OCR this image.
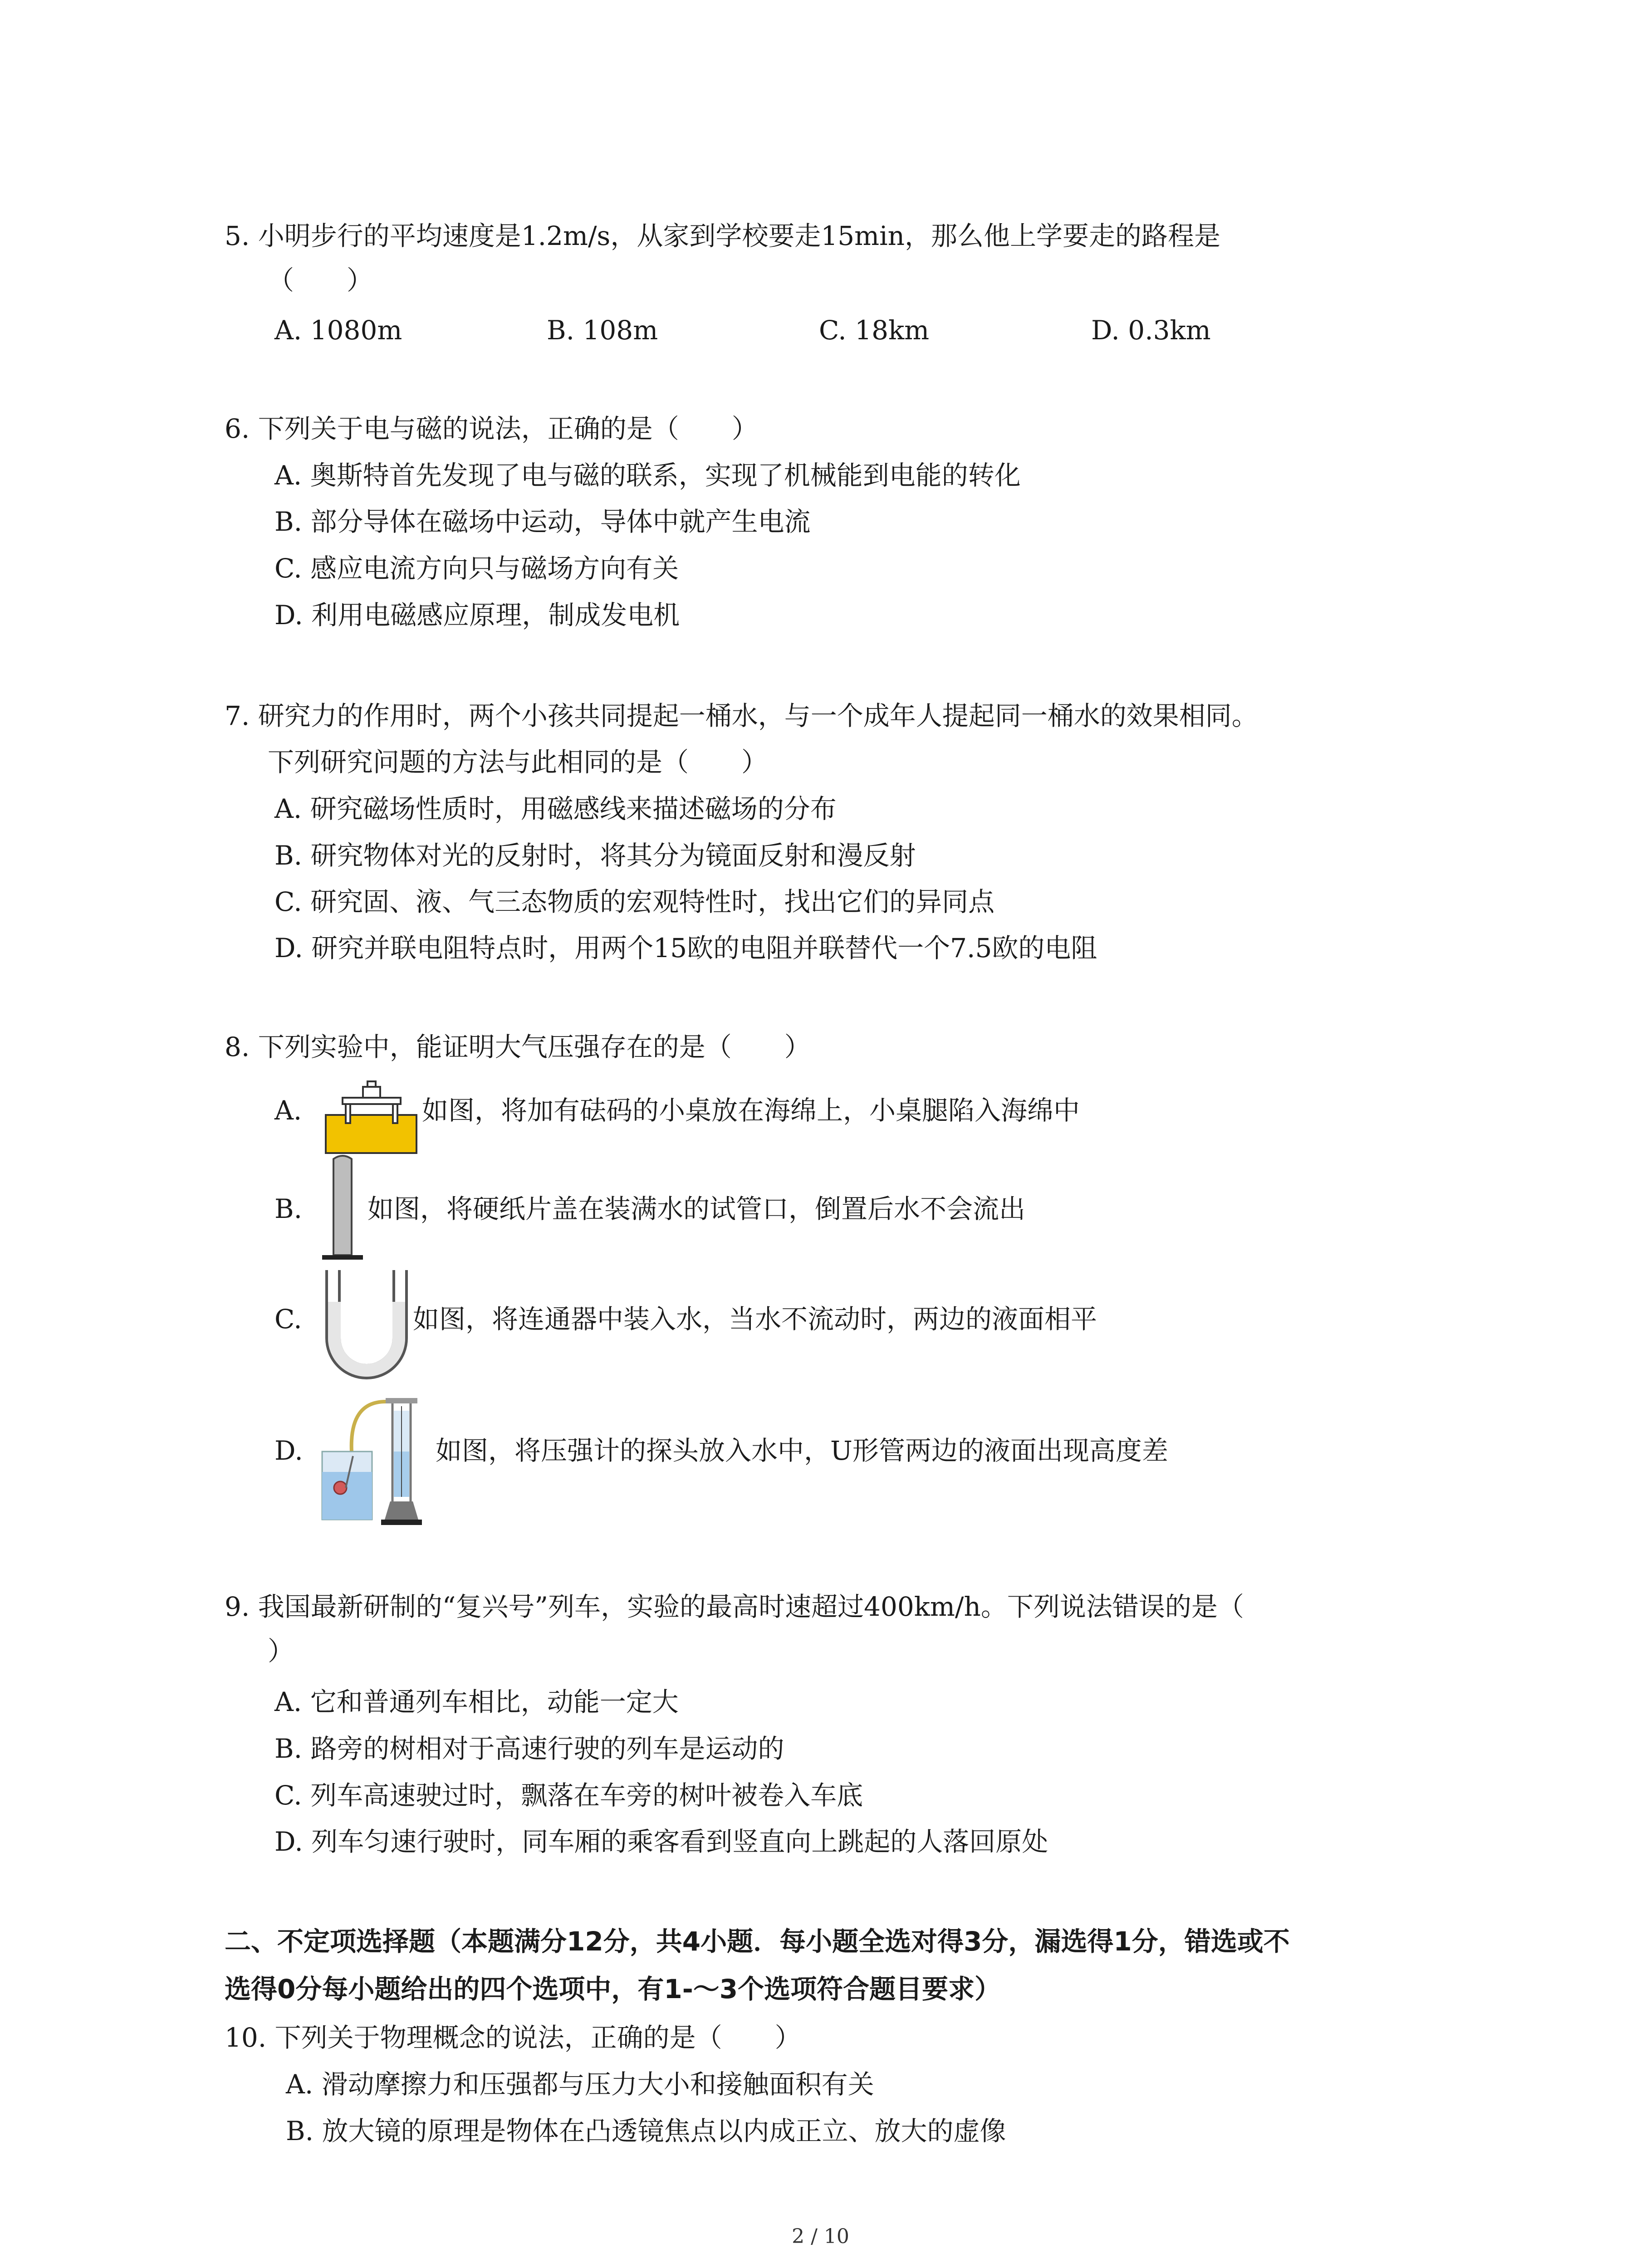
5. 小明步行的平均速度是1.2m/s，从家到学校要走15min，那么他上学要走的路程是
（　　）
A. 1080m	B. 108m	C. 18km	D. 0.3km
6. 下列关于电与磁的说法，正确的是（　　）
A. 奥斯特首先发现了电与磁的联系，实现了机械能到电能的转化
B. 部分导体在磁场中运动，导体中就产生电流
C. 感应电流方向只与磁场方向有关
D. 利用电磁感应原理，制成发电机
7. 研究力的作用时，两个小孩共同提起一桶水，与一个成年人提起同一桶水的效果相同。
下列研究问题的方法与此相同的是（　　）
A. 研究磁场性质时，用磁感线来描述磁场的分布
B. 研究物体对光的反射时，将其分为镜面反射和漫反射
C. 研究固、液、气三态物质的宏观特性时，找出它们的异同点
D. 研究并联电阻特点时，用两个15欧的电阻并联替代一个7.5欧的电阻
8. 下列实验中，能证明大气压强存在的是（　　）
A.	如图，将加有砝码的小桌放在海绵上，小桌腿陷入海绵中
B. 如图，将硬纸片盖在装满水的试管口，倒置后水不会流出
C.	如图，将连通器中装入水，当水不流动时，两边的液面相平
D.	如图，将压强计的探头放入水中，U形管两边的液面出现高度差
9. 我国最新研制的“复兴号”列车，实验的最高时速超过400km/h。下列说法错误的是（
）
A. 它和普通列车相比，动能一定大
B. 路旁的树相对于高速行驶的列车是运动的
C. 列车高速驶过时，飘落在车旁的树叶被卷入车底
D. 列车匀速行驶时，同车厢的乘客看到竖直向上跳起的人落回原处
二、不定项选择题（本题满分12分，共4小题．每小题全选对得3分，漏选得1分，错选或不
选得0分每小题给出的四个选项中，有1-～3个选项符合题目要求）
10. 下列关于物理概念的说法，正确的是（　　）
A. 滑动摩擦力和压强都与压力大小和接触面积有关
B. 放大镜的原理是物体在凸透镜焦点以内成正立、放大的虚像
2 / 10
